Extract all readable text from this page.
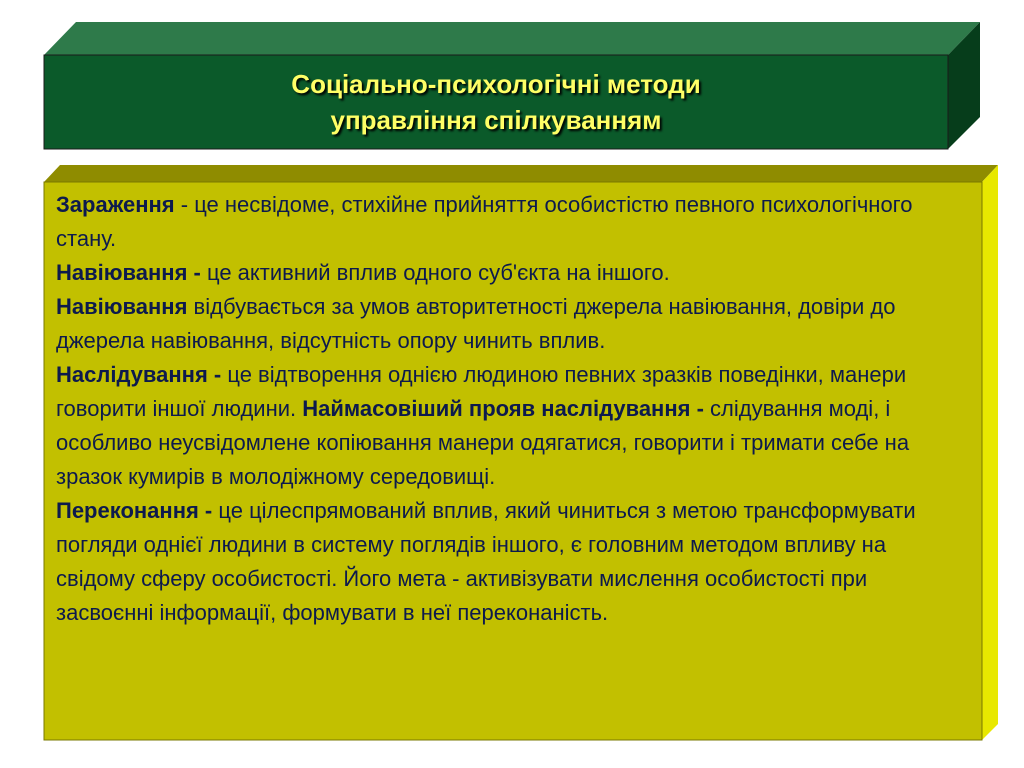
Соціально-психологічні методи
управління спілкуванням

Зараження - це несвідоме, стихійне прийняття особистістю певного психологічного стану.

Навіювання - це активний вплив одного суб'єкта на іншого.

Навіювання відбувається за умов авторитетності джерела навіювання, довіри до джерела навіювання, відсутність опору чинить вплив.

Наслідування - це відтворення однією людиною певних зразків поведінки, манери говорити іншої людини. Наймасовіший прояв наслідування - слідування моді, і особливо неусвідомлене копіювання манери одягатися, говорити і тримати себе на зразок кумирів в молодіжному середовищі.

Переконання - це цілеспрямований вплив, який чиниться з метою трансформувати погляди однієї людини в систему поглядів іншого, є головним методом впливу на свідому сферу особистості. Його мета - активізувати мислення особистості при засвоєнні інформації, формувати в неї переконаність.
